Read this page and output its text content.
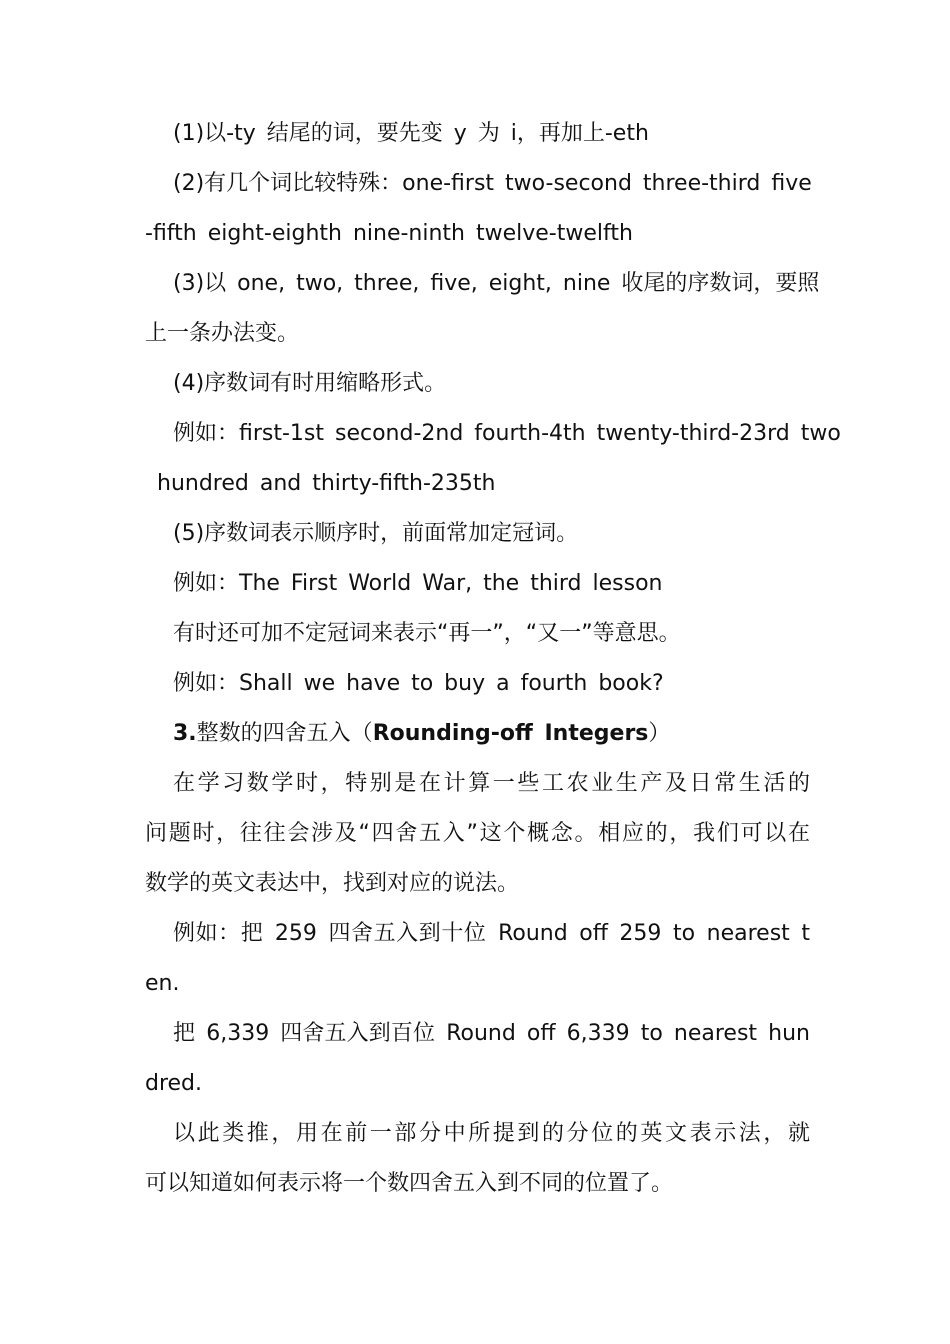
(1)以-ty 结尾的词，要先变 y 为 i，再加上-eth
(2)有几个词比较特殊：one-first two-second three-third five
-fifth eight-eighth nine-ninth twelve-twelfth
(3)以 one, two, three, five, eight, nine 收尾的序数词，要照
上一条办法变。
(4)序数词有时用缩略形式。
例如：first-1st second-2nd fourth-4th twenty-third-23rd two
hundred and thirty-fifth-235th
(5)序数词表示顺序时，前面常加定冠词。
例如：The First World War, the third lesson
有时还可加不定冠词来表示“再一”，“又一”等意思。
例如：Shall we have to buy a fourth book?
3.整数的四舍五入（Rounding-off Integers）
在学习数学时，特别是在计算一些工农业生产及日常生活的
问题时，往往会涉及“四舍五入”这个概念。相应的，我们可以在
数学的英文表达中，找到对应的说法。
例如：把 259 四舍五入到十位 Round off 259 to nearest t
en.
把 6,339 四舍五入到百位 Round off 6,339 to nearest hun
dred.
以此类推，用在前一部分中所提到的分位的英文表示法，就
可以知道如何表示将一个数四舍五入到不同的位置了。
